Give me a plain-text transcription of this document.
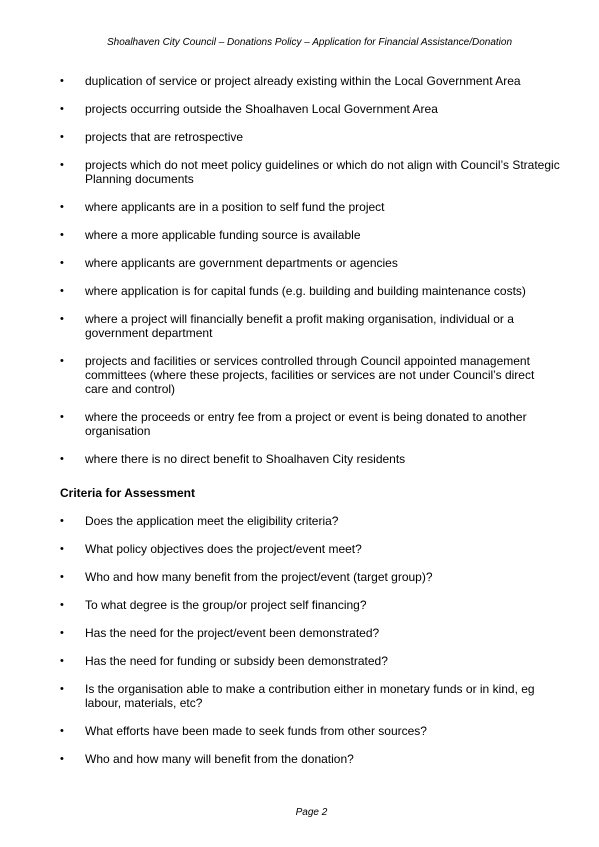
Shoalhaven City Council – Donations Policy – Application for Financial Assistance/Donation
•	duplication of service or project already existing within the Local Government Area
•	projects occurring outside the Shoalhaven Local Government Area
•	projects that are retrospective
•	projects which do not meet policy guidelines or which do not align with Council’s Strategic Planning documents
•	where applicants are in a position to self fund the project
•	where a more applicable funding source is available
•	where applicants are government departments or agencies
•	where application is for capital funds (e.g. building and building maintenance costs)
•	where a project will financially benefit a profit making organisation, individual or a government department
•	projects and facilities or services controlled through Council appointed management committees (where these projects, facilities or services are not under Council’s direct care and control)
•	where the proceeds or entry fee from a project or event is being donated to another organisation
•	where there is no direct benefit to Shoalhaven City residents
Criteria for Assessment
•	Does the application meet the eligibility criteria?
•	What policy objectives does the project/event meet?
•	Who and how many benefit from the project/event (target group)?
•	To what degree is the group/or project self financing?
•	Has the need for the project/event been demonstrated?
•	Has the need for funding or subsidy been demonstrated?
•	Is the organisation able to make a contribution either in monetary funds or in kind, eg labour, materials, etc?
•	What efforts have been made to seek funds from other sources?
•	Who and how many will benefit from the donation?
Page 2
